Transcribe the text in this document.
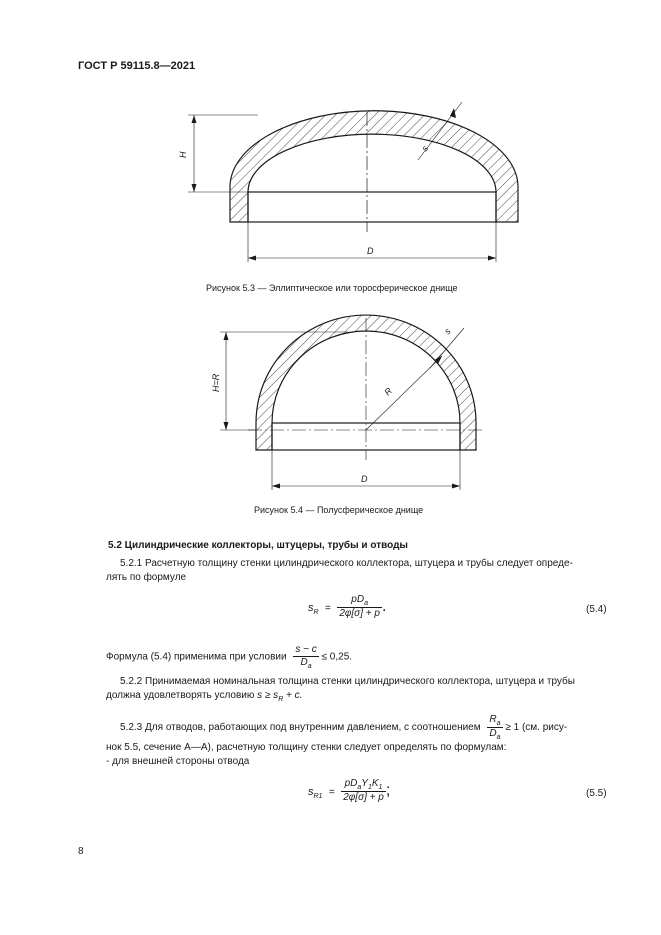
ГОСТ Р 59115.8—2021
H
s
D
Рисунок 5.3 — Эллиптическое или торосферическое днище
H=R	R
s
D
Рисунок 5.4 — Полусферическое днище
5.2 Цилиндрические коллекторы, штуцеры, трубы и отводы
5.2.1 Расчетную толщину стенки цилиндрического коллектора, штуцера и трубы следует опреде-
лять по формуле
sR = $\frac{pD_a}{2\varphi[\sigma] + p}$ .	(5.4)
Формула (5.4) применима при условии $\frac{s - c}{D_a} \le 0,25$.
5.2.2 Принимаемая номинальная толщина стенки цилиндрического коллектора, штуцера и трубы
должна удовлетворять условию $s \ge s_R + c$.
5.2.3 Для отводов, работающих под внутренним давлением, с соотношением $\frac{R_a}{D_a} \ge 1$ (см. рису-
нок 5.5, сечение А—А), расчетную толщину стенки следует определять по формулам:
- для внешней стороны отвода
$sR1 = \frac{pD_aY_1K_1}{2\varphi[\sigma] + p}$ ;	(5.5)
8
